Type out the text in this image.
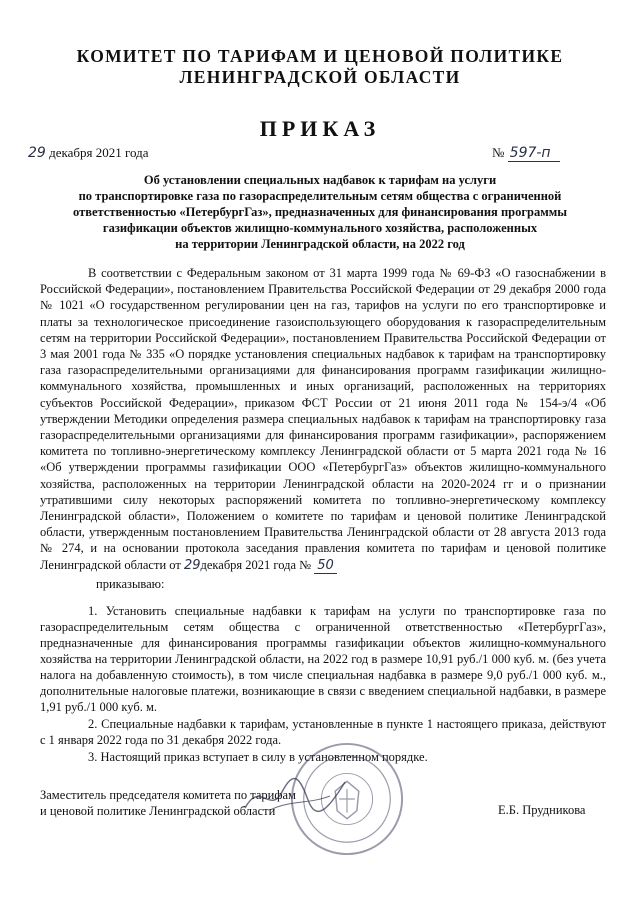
КОМИТЕТ ПО ТАРИФАМ И ЦЕНОВОЙ ПОЛИТИКЕ
ЛЕНИНГРАДСКОЙ ОБЛАСТИ
ПРИКАЗ
29 декабря 2021 года	№ 597-п
Об установлении специальных надбавок к тарифам на услуги
по транспортировке газа по газораспределительным сетям общества с ограниченной
ответственностью «ПетербургГаз», предназначенных для финансирования программы
газификации объектов жилищно-коммунального хозяйства, расположенных
на территории Ленинградской области, на 2022 год

В соответствии с Федеральным законом от 31 марта 1999 года № 69-ФЗ «О газоснабжении в Российской Федерации», постановлением Правительства Российской Федерации от 29 декабря 2000 года № 1021 «О государственном регулировании цен на газ, тарифов на услуги по его транспортировке и платы за технологическое присоединение газоиспользующего оборудования к газораспределительным сетям на территории Российской Федерации», постановлением Правительства Российской Федерации от 3 мая 2001 года № 335 «О порядке установления специальных надбавок к тарифам на транспортировку газа газораспределительными организациями для финансирования программ газификации жилищно-коммунального хозяйства, промышленных и иных организаций, расположенных на территориях субъектов Российской Федерации», приказом ФСТ России от 21 июня 2011 года № 154-э/4 «Об утверждении Методики определения размера специальных надбавок к тарифам на транспортировку газа газораспределительными организациями для финансирования программ газификации», распоряжением комитета по топливно-энергетическому комплексу Ленинградской области от 5 марта 2021 года № 16 «Об утверждении программы газификации ООО «ПетербургГаз» объектов жилищно-коммунального хозяйства, расположенных на территории Ленинградской области на 2020-2024 гг и о признании утратившими силу некоторых распоряжений комитета по топливно-энергетическому комплексу Ленинградской области», Положением о комитете по тарифам и ценовой политике Ленинградской области, утвержденным постановлением Правительства Ленинградской области от 28 августа 2013 года № 274, и на основании протокола заседания правления комитета по тарифам и ценовой политике Ленинградской области от 29декабря 2021 года № 50

приказываю:

1. Установить специальные надбавки к тарифам на услуги по транспортировке газа по газораспределительным сетям общества с ограниченной ответственностью «ПетербургГаз», предназначенные для финансирования программы газификации объектов жилищно-коммунального хозяйства на территории Ленинградской области, на 2022 год в размере 10,91 руб./1 000 куб. м. (без учета налога на добавленную стоимость), в том числе специальная надбавка в размере 9,0 руб./1 000 куб. м., дополнительные налоговые платежи, возникающие в связи с введением специальной надбавки, в размере 1,91 руб./1 000 куб. м.

2. Специальные надбавки к тарифам, установленные в пункте 1 настоящего приказа, действуют с 1 января 2022 года по 31 декабря 2022 года.

3. Настоящий приказ вступает в силу в установленном порядке.

Заместитель председателя комитета по тарифам
и ценовой политике Ленинградской области	Е.Б. Прудникова
